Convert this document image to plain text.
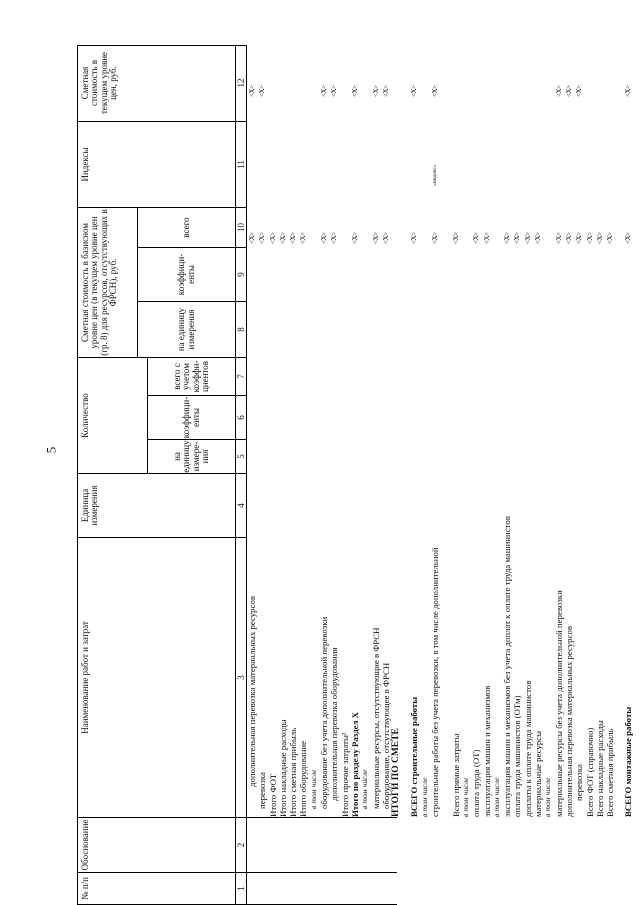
5
№ п/п
Обоснование
Наименование работ и затрат
Единица измерения
Количество
на единицу измере-ния
коэффици-енты
всего с учетом коэффи-циентов
Сметная стоимость в базисном уровне цен (в текущем уровне цен (гр. 8) для ресурсов, отсутствующих в ФРСН), руб.
на единицу измерения
коэффици-енты
всего
Индексы
Сметная стоимость в текущем уровне цен, руб.
1
2
3
4
5
6
7
8
9
10
11
12
дополнительная перевозка материальных ресурсов
<X>
<X>
перевозка
<X>
<X>
Итого ФОТ
<X>
Итого накладные расходы
<X>
Итого сметная прибыль
<X>
Итого оборудование
<X>
в том числе оборудование без учета дополнительной перевозки
<X>
<X>
дополнительная перевозка оборудования
<X>
<X>
Итого прочие затраты² Итого по разделу Раздел X
<X>
<X>
в том числе материальные ресурсы, отсутствующие в ФРСН
<X>
<X>
оборудование, отсутствующее в ФРСН
<X>
<X>
ИТОГИ ПО СМЕТЕ ВСЕГО строительные работы
<X>
<X>
в том числе строительные работы без учета перевозки, в том числе дополнительной
<X>
«индекс»
<X>
Всего прямые затраты
<X>
в том числе оплата труда (ОТ)
<X>
эксплуатация машин и механизмов
<X>
в том числе эксплуатация машин и механизмов без учета доплат к оплате труда машинистов
<X>
оплата труда машинистов (ОТм)
<X>
доплаты к оплате труда машинистов
<X>
материальные ресурсы
<X>
в том числе материальные ресурсы без учета дополнительной перевозки
<X>
<X>
дополнительная перевозка материальных ресурсов
<X>
<X>
перевозка
<X>
<X>
Всего ФОТ (справочно)
<X>
Всего накладные расходы
<X>
Всего сметная прибыль
<X>
ВСЕГО монтажные работы
<X>
<X>
